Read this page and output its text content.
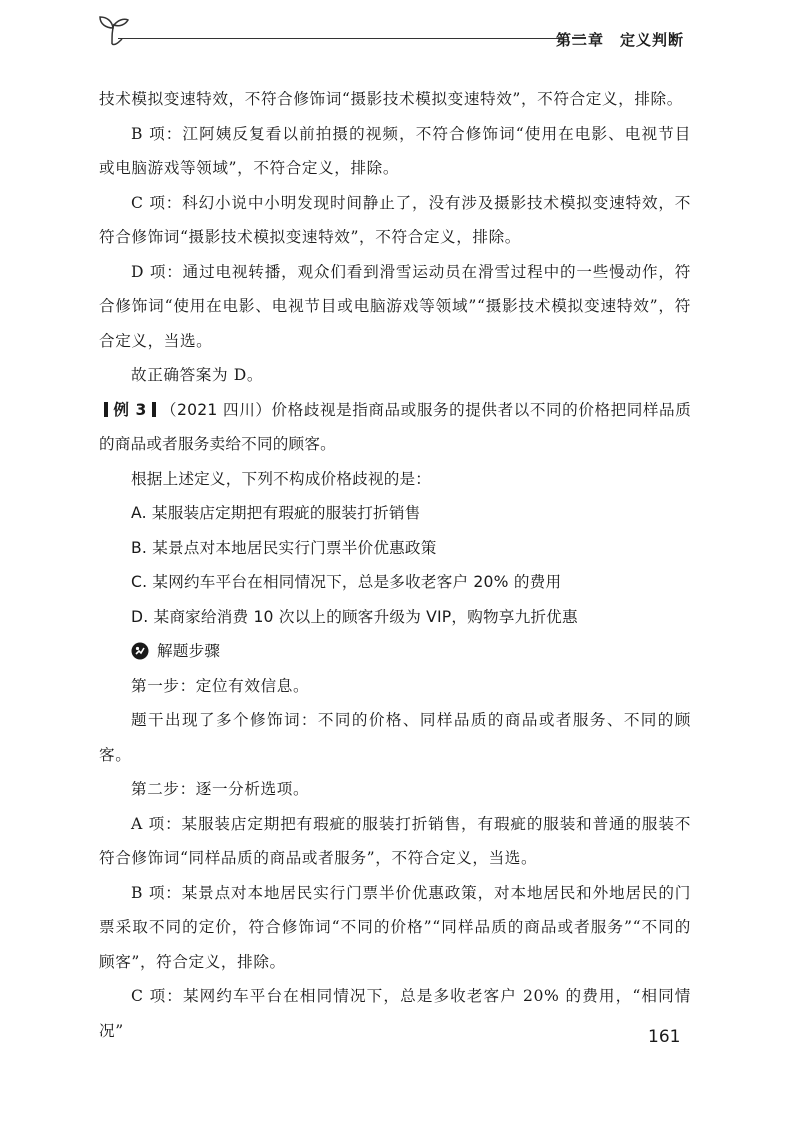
第二章 定义判断

技术模拟变速特效，不符合修饰词“摄影技术模拟变速特效”，不符合定义，排除。

B 项：江阿姨反复看以前拍摄的视频，不符合修饰词“使用在电影、电视节目或电脑游戏等领域”，不符合定义，排除。

C 项：科幻小说中小明发现时间静止了，没有涉及摄影技术模拟变速特效，不符合修饰词“摄影技术模拟变速特效”，不符合定义，排除。

D 项：通过电视转播，观众们看到滑雪运动员在滑雪过程中的一些慢动作，符合修饰词“使用在电影、电视节目或电脑游戏等领域”“摄影技术模拟变速特效”，符合定义，当选。

故正确答案为 D。

例 3 （2021 四川）价格歧视是指商品或服务的提供者以不同的价格把同样品质的商品或者服务卖给不同的顾客。

根据上述定义，下列不构成价格歧视的是：

A. 某服装店定期把有瑕疵的服装打折销售

B. 某景点对本地居民实行门票半价优惠政策

C. 某网约车平台在相同情况下，总是多收老客户 20% 的费用

D. 某商家给消费 10 次以上的顾客升级为 VIP，购物享九折优惠

解题步骤

第一步：定位有效信息。

题干出现了多个修饰词：不同的价格、同样品质的商品或者服务、不同的顾客。

第二步：逐一分析选项。

A 项：某服装店定期把有瑕疵的服装打折销售，有瑕疵的服装和普通的服装不符合修饰词“同样品质的商品或者服务”，不符合定义，当选。

B 项：某景点对本地居民实行门票半价优惠政策，对本地居民和外地居民的门票采取不同的定价，符合修饰词“不同的价格”“同样品质的商品或者服务”“不同的顾客”，符合定义，排除。

C 项：某网约车平台在相同情况下，总是多收老客户 20% 的费用，“相同情况”	161
